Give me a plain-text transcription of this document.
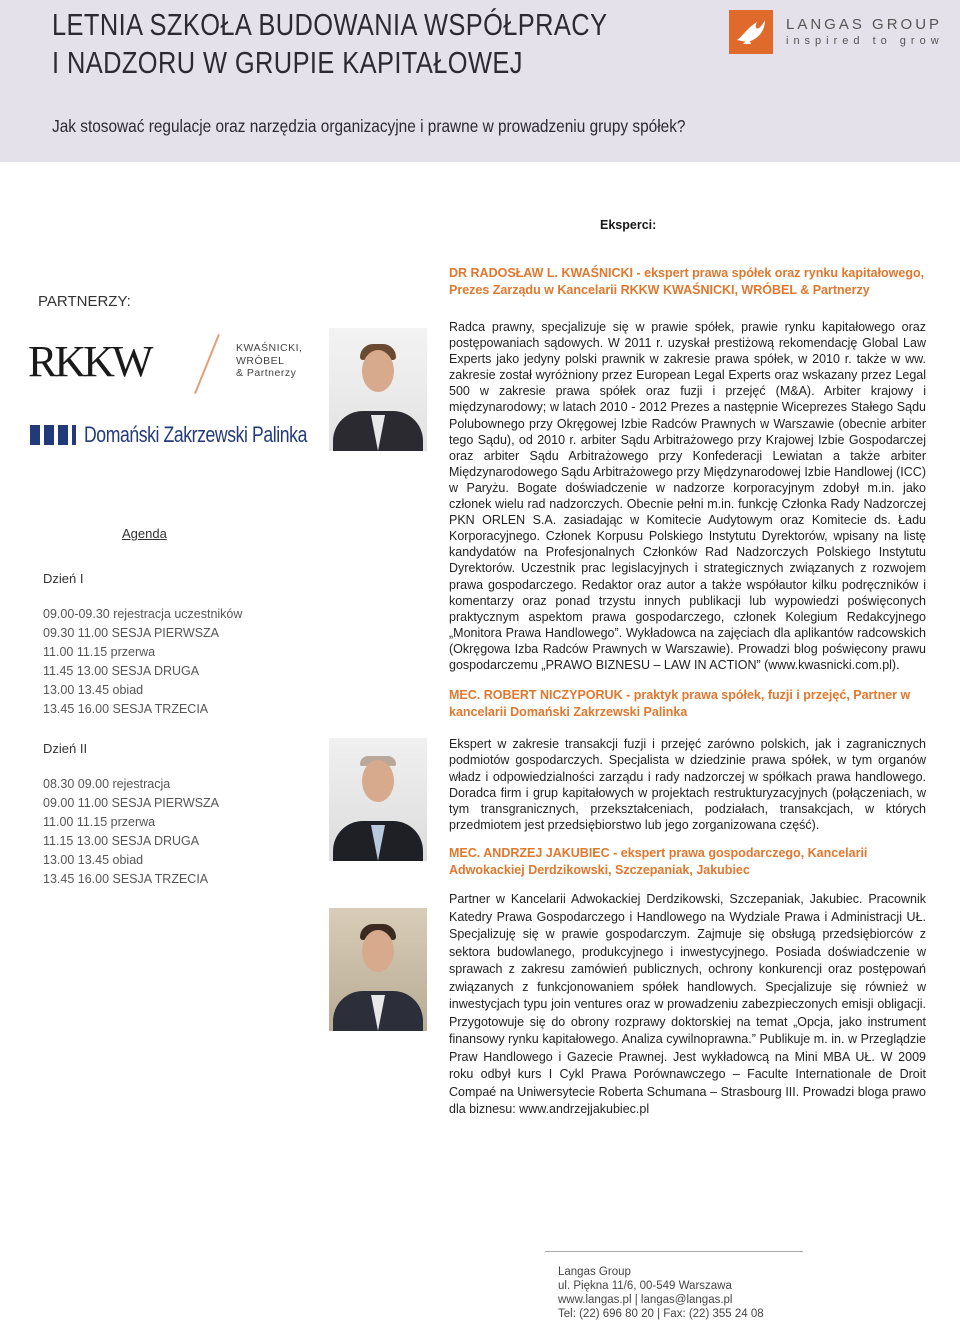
LETNIA SZKOŁA BUDOWANIA WSPÓŁPRACY
I NADZORU W GRUPIE KAPITAŁOWEJ
Jak stosować regulacje oraz narzędzia organizacyjne i prawne w prowadzeniu grupy spółek?
LANGAS GROUP
inspired to grow
Eksperci:
PARTNERZY:
RKKW	KWAŚNICKI,
WRÓBEL
& Partnerzy
Domański Zakrzewski Palinka
Agenda
Dzień I
09.00-09.30 rejestracja uczestników
09.30 11.00 SESJA PIERWSZA
11.00 11.15 przerwa
11.45 13.00 SESJA DRUGA
13.00 13.45 obiad
13.45 16.00 SESJA TRZECIA
Dzień II
08.30 09.00 rejestracja
09.00 11.00 SESJA PIERWSZA
11.00 11.15 przerwa
11.15 13.00 SESJA DRUGA
13.00 13.45 obiad
13.45 16.00 SESJA TRZECIA
DR RADOSŁAW L. KWAŚNICKI - ekspert prawa spółek oraz rynku kapitałowego, Prezes Zarządu w Kancelarii RKKW KWAŚNICKI, WRÓBEL & Partnerzy
Radca prawny, specjalizuje się w prawie spółek, prawie rynku kapitałowego oraz postępowaniach sądowych. W 2011 r. uzyskał prestiżową rekomendację Global Law Experts jako jedyny polski prawnik w zakresie prawa spółek, w 2010 r. także w ww. zakresie został wyróżniony przez European Legal Experts oraz wskazany przez Legal 500 w zakresie prawa spółek oraz fuzji i przejęć (M&A). Arbiter krajowy i międzynarodowy; w latach 2010 - 2012 Prezes a następnie Wiceprezes Stałego Sądu Polubownego przy Okręgowej Izbie Radców Prawnych w Warszawie (obecnie arbiter tego Sądu), od 2010 r. arbiter Sądu Arbitrażowego przy Krajowej Izbie Gospodarczej oraz arbiter Sądu Arbitrażowego przy Konfederacji Lewiatan a także arbiter Międzynarodowego Sądu Arbitrażowego przy Międzynarodowej Izbie Handlowej (ICC) w Paryżu. Bogate doświadczenie w nadzorze korporacyjnym zdobył m.in. jako członek wielu rad nadzorczych. Obecnie pełni m.in. funkcję Członka Rady Nadzorczej PKN ORLEN S.A. zasiadając w Komitecie Audytowym oraz Komitecie ds. Ładu Korporacyjnego. Członek Korpusu Polskiego Instytutu Dyrektorów, wpisany na listę kandydatów na Profesjonalnych Członków Rad Nadzorczych Polskiego Instytutu Dyrektorów. Uczestnik prac legislacyjnych i strategicznych związanych z rozwojem prawa gospodarczego. Redaktor oraz autor a także współautor kilku podręczników i komentarzy oraz ponad trzystu innych publikacji lub wypowiedzi poświęconych praktycznym aspektom prawa gospodarczego, członek Kolegium Redakcyjnego „Monitora Prawa Handlowego”. Wykładowca na zajęciach dla aplikantów radcowskich (Okręgowa Izba Radców Prawnych w Warszawie). Prowadzi blog poświęcony prawu gospodarczemu „PRAWO BIZNESU – LAW IN ACTION” (www.kwasnicki.com.pl).
MEC. ROBERT NICZYPORUK - praktyk prawa spółek, fuzji i przejęć, Partner w kancelarii Domański Zakrzewski Palinka
Ekspert w zakresie transakcji fuzji i przejęć zarówno polskich, jak i zagranicznych podmiotów gospodarczych. Specjalista w dziedzinie prawa spółek, w tym organów władz i odpowiedzialności zarządu i rady nadzorczej w spółkach prawa handlowego. Doradca firm i grup kapitałowych w projektach restrukturyzacyjnych (połączeniach, w tym transgranicznych, przekształceniach, podziałach, transakcjach, w których przedmiotem jest przedsiębiorstwo lub jego zorganizowana część).
MEC. ANDRZEJ JAKUBIEC - ekspert prawa gospodarczego, Kancelarii Adwokackiej Derdzikowski, Szczepaniak, Jakubiec
Partner w Kancelarii Adwokackiej Derdzikowski, Szczepaniak, Jakubiec. Pracownik Katedry Prawa Gospodarczego i Handlowego na Wydziale Prawa i Administracji UŁ. Specjalizuję się w prawie gospodarczym. Zajmuje się obsługą przedsiębiorców z sektora budowlanego, produkcyjnego i inwestycyjnego. Posiada doświadczenie w sprawach z zakresu zamówień publicznych, ochrony konkurencji oraz postępowań związanych z funkcjonowaniem spółek handlowych. Specjalizuje się również w inwestycjach typu join ventures oraz w prowadzeniu zabezpieczonych emisji obligacji. Przygotowuje się do obrony rozprawy doktorskiej na temat „Opcja, jako instrument finansowy rynku kapitałowego. Analiza cywilnoprawna.” Publikuje m. in. w Przeglądzie Praw Handlowego i Gazecie Prawnej. Jest wykładowcą na Mini MBA UŁ. W 2009 roku odbył kurs I Cykl Prawa Porównawczego – Faculte Internationale de Droit Compaé na Uniwersytecie Roberta Schumana – Strasbourg III. Prowadzi bloga prawo dla biznesu: www.andrzejjakubiec.pl
Langas Group
ul. Piękna 11/6, 00-549 Warszawa
www.langas.pl | langas@langas.pl
Tel: (22) 696 80 20 | Fax: (22) 355 24 08
